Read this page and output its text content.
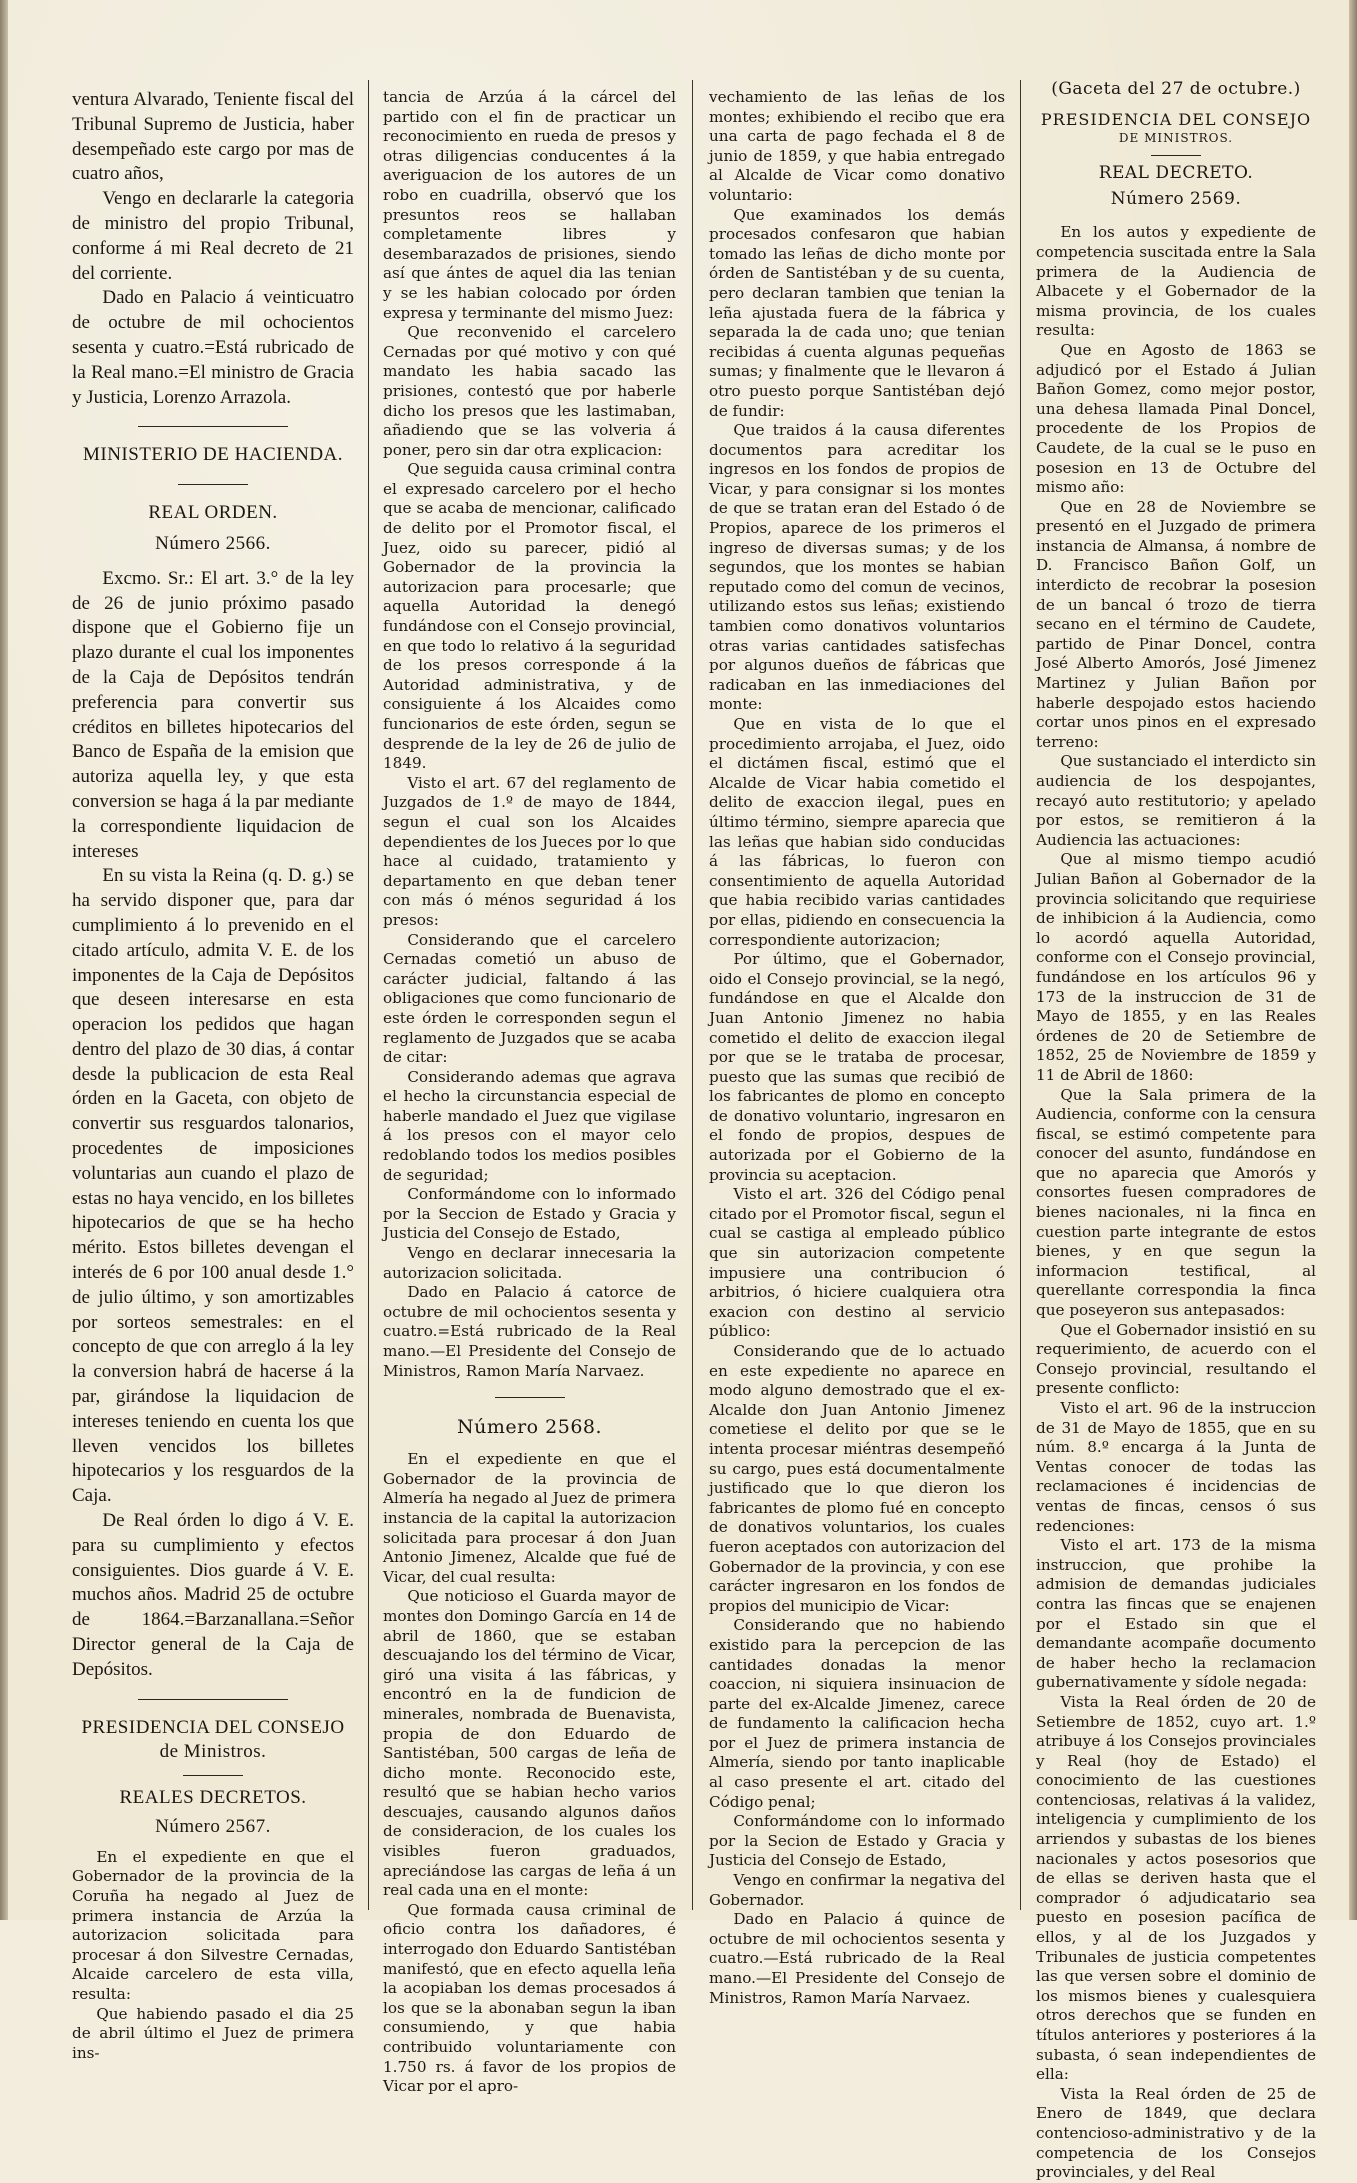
ventura Alvarado, Teniente fiscal del Tribunal Supremo de Justicia, haber desempeñado este cargo por mas de cuatro años,

Vengo en declararle la categoria de ministro del propio Tribunal, conforme á mi Real decreto de 21 del corriente.

Dado en Palacio á veinticuatro de octubre de mil ochocientos sesenta y cuatro.=Está rubricado de la Real mano.=El ministro de Gracia y Justicia, Lorenzo Arrazola.

MINISTERIO DE HACIENDA.

REAL ORDEN.

Número 2566.

Excmo. Sr.: El art. 3.° de la ley de 26 de junio próximo pasado dispone que el Gobierno fije un plazo durante el cual los imponentes de la Caja de Depósitos tendrán preferencia para convertir sus créditos en billetes hipotecarios del Banco de España de la emision que autoriza aquella ley, y que esta conversion se haga á la par mediante la correspondiente liquidacion de intereses

En su vista la Reina (q. D. g.) se ha servido disponer que, para dar cumplimiento á lo prevenido en el citado artículo, admita V. E. de los imponentes de la Caja de Depósitos que deseen interesarse en esta operacion los pedidos que hagan dentro del plazo de 30 dias, á contar desde la publicacion de esta Real órden en la Gaceta, con objeto de convertir sus resguardos talonarios, procedentes de imposiciones voluntarias aun cuando el plazo de estas no haya vencido, en los billetes hipotecarios de que se ha hecho mérito. Estos billetes devengan el interés de 6 por 100 anual desde 1.° de julio último, y son amortizables por sorteos semestrales: en el concepto de que con arreglo á la ley la conversion habrá de hacerse á la par, girándose la liquidacion de intereses teniendo en cuenta los que lleven vencidos los billetes hipotecarios y los resguardos de la Caja.

De Real órden lo digo á V. E. para su cumplimiento y efectos consiguientes. Dios guarde á V. E. muchos años. Madrid 25 de octubre de 1864.=Barzanallana.=Señor Director general de la Caja de Depósitos.

PRESIDENCIA DEL CONSEJO

de Ministros.

REALES DECRETOS.

Número 2567.

En el expediente en que el Gobernador de la provincia de la Coruña ha negado al Juez de primera instancia de Arzúa la autorizacion solicitada para procesar á don Silvestre Cernadas, Alcaide carcelero de esta villa, resulta:

Que habiendo pasado el dia 25 de abril último el Juez de primera ins-

tancia de Arzúa á la cárcel del partido con el fin de practicar un reconocimiento en rueda de presos y otras diligencias conducentes á la averiguacion de los autores de un robo en cuadrilla, observó que los presuntos reos se hallaban completamente libres y desembarazados de prisiones, siendo así que ántes de aquel dia las tenian y se les habian colocado por órden expresa y terminante del mismo Juez:

Que reconvenido el carcelero Cernadas por qué motivo y con qué mandato les habia sacado las prisiones, contestó que por haberle dicho los presos que les lastimaban, añadiendo que se las volveria á poner, pero sin dar otra explicacion:

Que seguida causa criminal contra el expresado carcelero por el hecho que se acaba de mencionar, calificado de delito por el Promotor fiscal, el Juez, oido su parecer, pidió al Gobernador de la provincia la autorizacion para procesarle; que aquella Autoridad la denegó fundándose con el Consejo provincial, en que todo lo relativo á la seguridad de los presos corresponde á la Autoridad administrativa, y de consiguiente á los Alcaides como funcionarios de este órden, segun se desprende de la ley de 26 de julio de 1849.

Visto el art. 67 del reglamento de Juzgados de 1.º de mayo de 1844, segun el cual son los Alcaides dependientes de los Jueces por lo que hace al cuidado, tratamiento y departamento en que deban tener con más ó ménos seguridad á los presos:

Considerando que el carcelero Cernadas cometió un abuso de carácter judicial, faltando á las obligaciones que como funcionario de este órden le corresponden segun el reglamento de Juzgados que se acaba de citar:

Considerando ademas que agrava el hecho la circunstancia especial de haberle mandado el Juez que vigilase á los presos con el mayor celo redoblando todos los medios posibles de seguridad;

Conformándome con lo informado por la Seccion de Estado y Gracia y Justicia del Consejo de Estado,

Vengo en declarar innecesaria la autorizacion solicitada.

Dado en Palacio á catorce de octubre de mil ochocientos sesenta y cuatro.=Está rubricado de la Real mano.—El Presidente del Consejo de Ministros, Ramon María Narvaez.

Número 2568.

En el expediente en que el Gobernador de la provincia de Almería ha negado al Juez de primera instancia de la capital la autorizacion solicitada para procesar á don Juan Antonio Jimenez, Alcalde que fué de Vicar, del cual resulta:

Que noticioso el Guarda mayor de montes don Domingo García en 14 de abril de 1860, que se estaban descuajando los del término de Vicar, giró una visita á las fábricas, y encontró en la de fundicion de minerales, nombrada de Buenavista, propia de don Eduardo de Santistéban, 500 cargas de leña de dicho monte. Reconocido este, resultó que se habian hecho varios descuajes, causando algunos daños de consideracion, de los cuales los visibles fueron graduados, apreciándose las cargas de leña á un real cada una en el monte:

Que formada causa criminal de oficio contra los dañadores, é interrogado don Eduardo Santistéban manifestó, que en efecto aquella leña la acopiaban los demas procesados á los que se la abonaban segun la iban consumiendo, y que habia contribuido voluntariamente con 1.750 rs. á favor de los propios de Vicar por el apro-

vechamiento de las leñas de los montes; exhibiendo el recibo que era una carta de pago fechada el 8 de junio de 1859, y que habia entregado al Alcalde de Vicar como donativo voluntario:

Que examinados los demás procesados confesaron que habian tomado las leñas de dicho monte por órden de Santistéban y de su cuenta, pero declaran tambien que tenian la leña ajustada fuera de la fábrica y separada la de cada uno; que tenian recibidas á cuenta algunas pequeñas sumas; y finalmente que le llevaron á otro puesto porque Santistéban dejó de fundir:

Que traidos á la causa diferentes documentos para acreditar los ingresos en los fondos de propios de Vicar, y para consignar si los montes de que se tratan eran del Estado ó de Propios, aparece de los primeros el ingreso de diversas sumas; y de los segundos, que los montes se habian reputado como del comun de vecinos, utilizando estos sus leñas; existiendo tambien como donativos voluntarios otras varias cantidades satisfechas por algunos dueños de fábricas que radicaban en las inmediaciones del monte:

Que en vista de lo que el procedimiento arrojaba, el Juez, oido el dictámen fiscal, estimó que el Alcalde de Vicar habia cometido el delito de exaccion ilegal, pues en último término, siempre aparecia que las leñas que habian sido conducidas á las fábricas, lo fueron con consentimiento de aquella Autoridad que habia recibido varias cantidades por ellas, pidiendo en consecuencia la correspondiente autorizacion;

Por último, que el Gobernador, oido el Consejo provincial, se la negó, fundándose en que el Alcalde don Juan Antonio Jimenez no habia cometido el delito de exaccion ilegal por que se le trataba de procesar, puesto que las sumas que recibió de los fabricantes de plomo en concepto de donativo voluntario, ingresaron en el fondo de propios, despues de autorizada por el Gobierno de la provincia su aceptacion.

Visto el art. 326 del Código penal citado por el Promotor fiscal, segun el cual se castiga al empleado público que sin autorizacion competente impusiere una contribucion ó arbitrios, ó hiciere cualquiera otra exacion con destino al servicio público:

Considerando que de lo actuado en este expediente no aparece en modo alguno demostrado que el ex-Alcalde don Juan Antonio Jimenez cometiese el delito por que se le intenta procesar miéntras desempeñó su cargo, pues está documentalmente justificado que lo que dieron los fabricantes de plomo fué en concepto de donativos voluntarios, los cuales fueron aceptados con autorizacion del Gobernador de la provincia, y con ese carácter ingresaron en los fondos de propios del municipio de Vicar:

Considerando que no habiendo existido para la percepcion de las cantidades donadas la menor coaccion, ni siquiera insinuacion de parte del ex-Alcalde Jimenez, carece de fundamento la calificacion hecha por el Juez de primera instancia de Almería, siendo por tanto inaplicable al caso presente el art. citado del Código penal;

Conformándome con lo informado por la Secion de Estado y Gracia y Justicia del Consejo de Estado,

Vengo en confirmar la negativa del Gobernador.

Dado en Palacio á quince de octubre de mil ochocientos sesenta y cuatro.—Está rubricado de la Real mano.—El Presidente del Consejo de Ministros, Ramon María Narvaez.

(Gaceta del 27 de octubre.)

PRESIDENCIA DEL CONSEJO

DE MINISTROS.

REAL DECRETO.

Número 2569.

En los autos y expediente de competencia suscitada entre la Sala primera de la Audiencia de Albacete y el Gobernador de la misma provincia, de los cuales resulta:

Que en Agosto de 1863 se adjudicó por el Estado á Julian Bañon Gomez, como mejor postor, una dehesa llamada Pinal Doncel, procedente de los Propios de Caudete, de la cual se le puso en posesion en 13 de Octubre del mismo año:

Que en 28 de Noviembre se presentó en el Juzgado de primera instancia de Almansa, á nombre de D. Francisco Bañon Golf, un interdicto de recobrar la posesion de un bancal ó trozo de tierra secano en el término de Caudete, partido de Pinar Doncel, contra José Alberto Amorós, José Jimenez Martinez y Julian Bañon por haberle despojado estos haciendo cortar unos pinos en el expresado terreno:

Que sustanciado el interdicto sin audiencia de los despojantes, recayó auto restitutorio; y apelado por estos, se remitieron á la Audiencia las actuaciones:

Que al mismo tiempo acudió Julian Bañon al Gobernador de la provincia solicitando que requiriese de inhibicion á la Audiencia, como lo acordó aquella Autoridad, conforme con el Consejo provincial, fundándose en los artículos 96 y 173 de la instruccion de 31 de Mayo de 1855, y en las Reales órdenes de 20 de Setiembre de 1852, 25 de Noviembre de 1859 y 11 de Abril de 1860:

Que la Sala primera de la Audiencia, conforme con la censura fiscal, se estimó competente para conocer del asunto, fundándose en que no aparecia que Amorós y consortes fuesen compradores de bienes nacionales, ni la finca en cuestion parte integrante de estos bienes, y en que segun la informacion testifical, al querellante correspondia la finca que poseyeron sus antepasados:

Que el Gobernador insistió en su requerimiento, de acuerdo con el Consejo provincial, resultando el presente conflicto:

Visto el art. 96 de la instruccion de 31 de Mayo de 1855, que en su núm. 8.º encarga á la Junta de Ventas conocer de todas las reclamaciones é incidencias de ventas de fincas, censos ó sus redenciones:

Visto el art. 173 de la misma instruccion, que prohibe la admision de demandas judiciales contra las fincas que se enajenen por el Estado sin que el demandante acompañe documento de haber hecho la reclamacion gubernativamente y sídole negada:

Vista la Real órden de 20 de Setiembre de 1852, cuyo art. 1.º atribuye á los Consejos provinciales y Real (hoy de Estado) el conocimiento de las cuestiones contenciosas, relativas á la validez, inteligencia y cumplimiento de los arriendos y subastas de los bienes nacionales y actos posesorios que de ellas se deriven hasta que el comprador ó adjudicatario sea puesto en posesion pacífica de ellos, y al de los Juzgados y Tribunales de justicia competentes las que versen sobre el dominio de los mismos bienes y cualesquiera otros derechos que se funden en títulos anteriores y posteriores á la subasta, ó sean independientes de ella:

Vista la Real órden de 25 de Enero de 1849, que declara contencioso-administrativo y de la competencia de los Consejos provinciales, y del Real
